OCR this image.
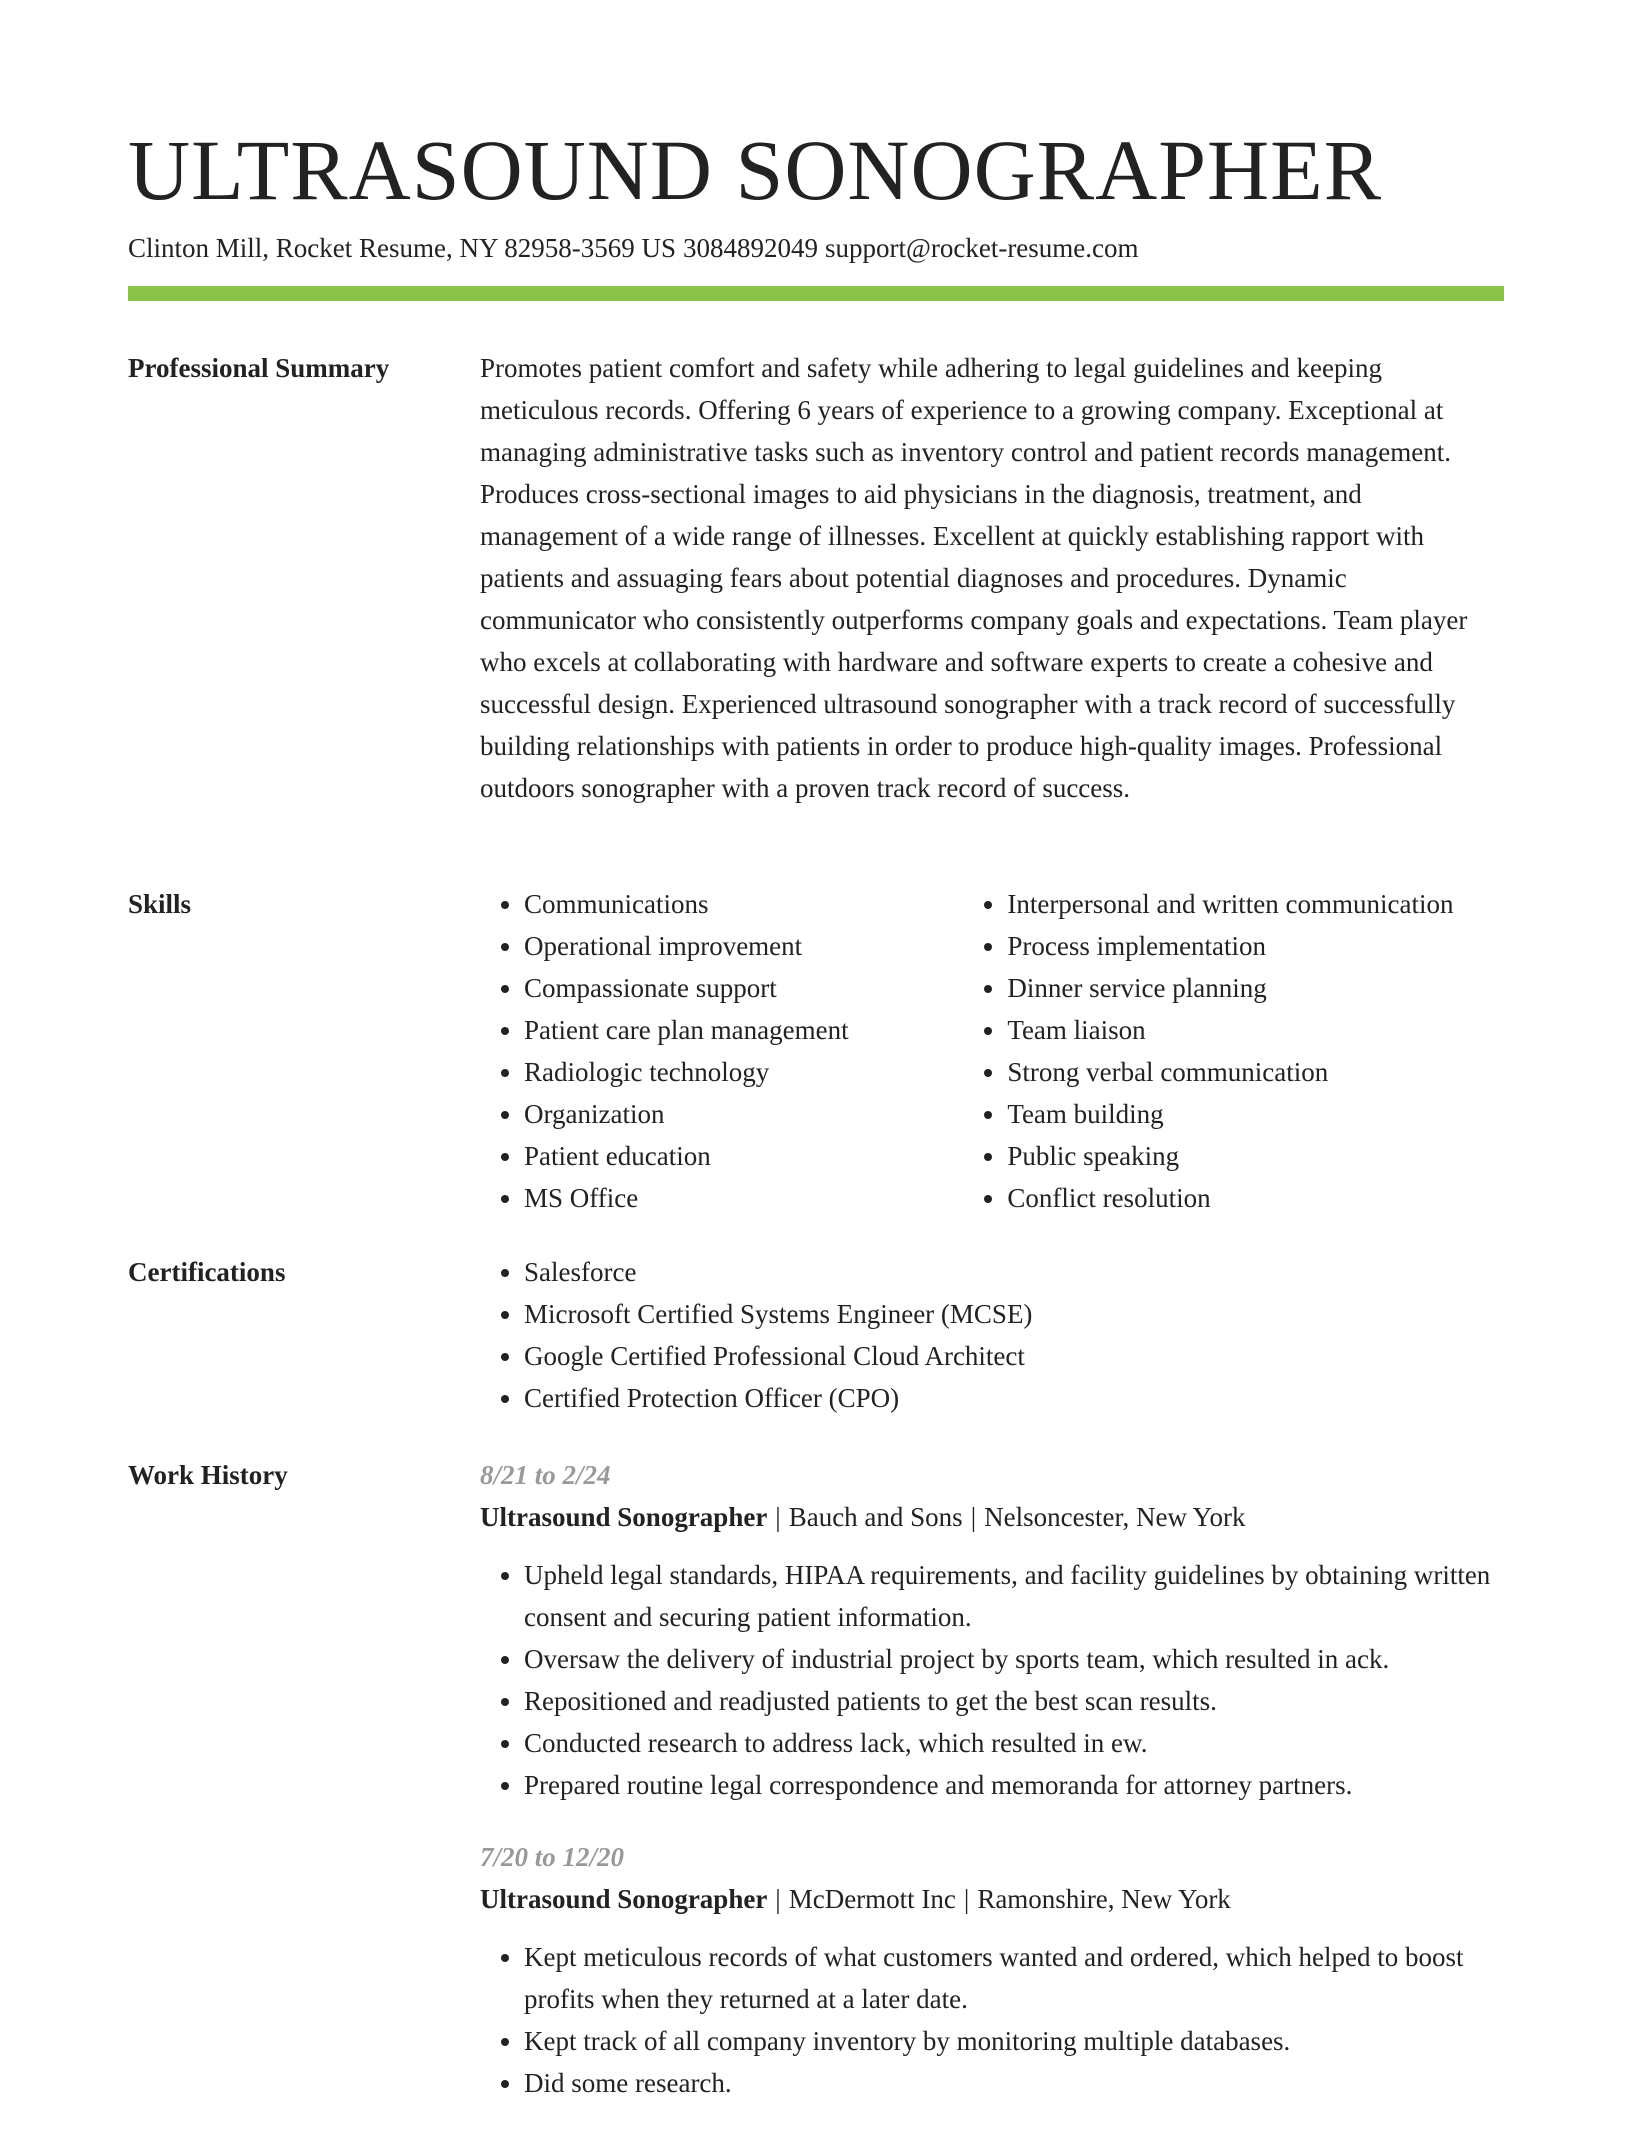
ULTRASOUND SONOGRAPHER
Clinton Mill, Rocket Resume, NY 82958-3569 US 3084892049 support@rocket-resume.com
Professional Summary	Promotes patient comfort and safety while adhering to legal guidelines and keeping meticulous records. Offering 6 years of experience to a growing company. Exceptional at managing administrative tasks such as inventory control and patient records management. Produces cross-sectional images to aid physicians in the diagnosis, treatment, and management of a wide range of illnesses. Excellent at quickly establishing rapport with patients and assuaging fears about potential diagnoses and procedures. Dynamic communicator who consistently outperforms company goals and expectations. Team player who excels at collaborating with hardware and software experts to create a cohesive and successful design. Experienced ultrasound sonographer with a track record of successfully building relationships with patients in order to produce high-quality images. Professional outdoors sonographer with a proven track record of success.

Skills	• Communications
• Operational improvement
• Compassionate support
• Patient care plan management
• Radiologic technology
• Organization
• Patient education
• MS Office
• Interpersonal and written communication
• Process implementation
• Dinner service planning
• Team liaison
• Strong verbal communication
• Team building
• Public speaking
• Conflict resolution
Certifications	• Salesforce
• Microsoft Certified Systems Engineer (MCSE)
• Google Certified Professional Cloud Architect
• Certified Protection Officer (CPO)
Work History	8/21 to 2/24
Ultrasound Sonographer | Bauch and Sons | Nelsoncester, New York
• Upheld legal standards, HIPAA requirements, and facility guidelines by obtaining written consent and securing patient information.
• Oversaw the delivery of industrial project by sports team, which resulted in ack.
• Repositioned and readjusted patients to get the best scan results.
• Conducted research to address lack, which resulted in ew.
• Prepared routine legal correspondence and memoranda for attorney partners.
7/20 to 12/20
Ultrasound Sonographer | McDermott Inc | Ramonshire, New York
• Kept meticulous records of what customers wanted and ordered, which helped to boost profits when they returned at a later date.
• Kept track of all company inventory by monitoring multiple databases.
• Did some research.
